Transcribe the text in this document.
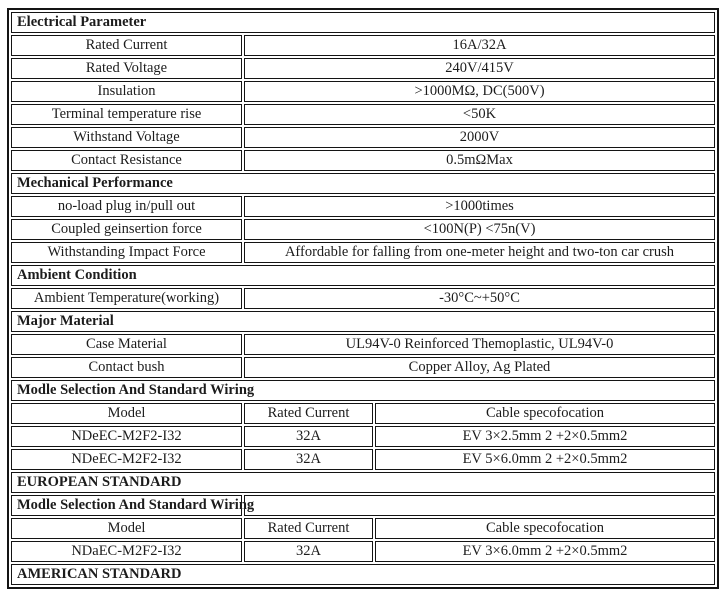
Electrical Parameter		
Rated Current	16A/32A	
Rated Voltage	240V/415V	
Insulation	>1000MΩ, DC(500V)	
Terminal temperature rise	<50K	
Withstand Voltage	2000V	
Contact Resistance	0.5mΩMax	
Mechanical Performance		
no-load plug in/pull out	>1000times	
Coupled geinsertion force	<100N(P) <75n(V)	
Withstanding Impact Force	Affordable for falling from one-meter height and two-ton car crush	
Ambient Condition		
Ambient Temperature(working)	-30°C~+50°C	
Major Material		
Case Material	UL94V-0 Reinforced Themoplastic, UL94V-0	
Contact bush	Copper Alloy, Ag Plated	
Modle Selection And Standard Wiring		
Model	Rated Current	Cable specofocation
NDeEC-M2F2-I32	32A	EV 3×2.5mm 2 +2×0.5mm2
NDeEC-M2F2-I32	32A	EV 5×6.0mm 2 +2×0.5mm2
EUROPEAN STANDARD		
Modle Selection And Standard Wiring		
Model	Rated Current	Cable specofocation
NDaEC-M2F2-I32	32A	EV 3×6.0mm 2 +2×0.5mm2
AMERICAN STANDARD		
